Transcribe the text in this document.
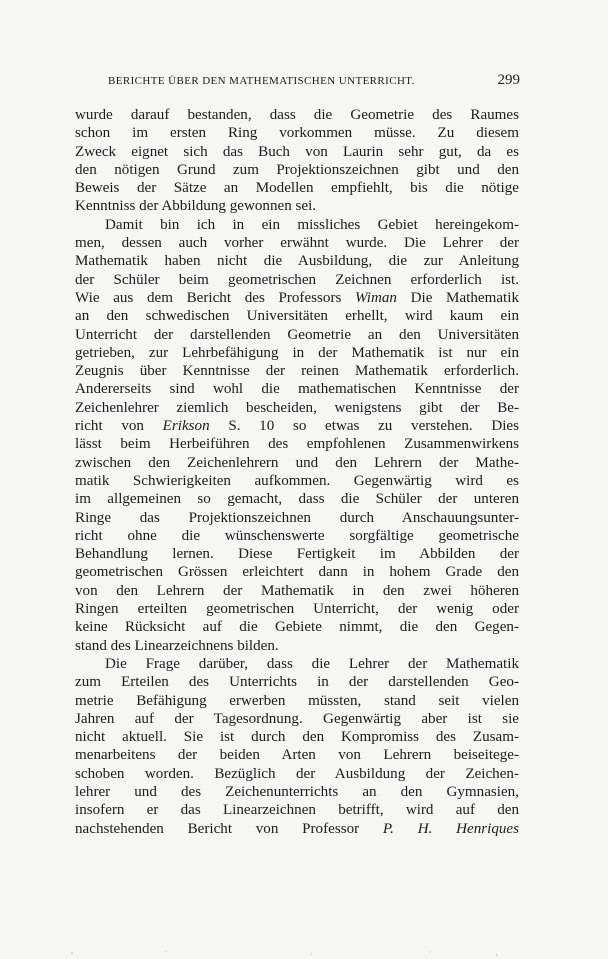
BERICHTE ÜBER DEN MATHEMATISCHEN UNTERRICHT.	299
wurde darauf bestanden, dass die Geometrie des Raumes
schon im ersten Ring vorkommen müsse. Zu diesem
Zweck eignet sich das Buch von Laurin sehr gut, da es
den nötigen Grund zum Projektionszeichnen gibt und den
Beweis der Sätze an Modellen empfiehlt, bis die nötige
Kenntniss der Abbildung gewonnen sei.
Damit bin ich in ein missliches Gebiet hereingekom-
men, dessen auch vorher erwähnt wurde. Die Lehrer der
Mathematik haben nicht die Ausbildung, die zur Anleitung
der Schüler beim geometrischen Zeichnen erforderlich ist.
Wie aus dem Bericht des Professors Wiman Die Mathematik
an den schwedischen Universitäten erhellt, wird kaum ein
Unterricht der darstellenden Geometrie an den Universitäten
getrieben, zur Lehrbefähigung in der Mathematik ist nur ein
Zeugnis über Kenntnisse der reinen Mathematik erforderlich.
Andererseits sind wohl die mathematischen Kenntnisse der
Zeichenlehrer ziemlich bescheiden, wenigstens gibt der Be-
richt von Erikson S. 10 so etwas zu verstehen. Dies
lässt beim Herbeiführen des empfohlenen Zusammenwirkens
zwischen den Zeichenlehrern und den Lehrern der Mathe-
matik Schwierigkeiten aufkommen. Gegenwärtig wird es
im allgemeinen so gemacht, dass die Schüler der unteren
Ringe das Projektionszeichnen durch Anschauungsunter-
richt ohne die wünschenswerte sorgfältige geometrische
Behandlung lernen. Diese Fertigkeit im Abbilden der
geometrischen Grössen erleichtert dann in hohem Grade den
von den Lehrern der Mathematik in den zwei höheren
Ringen erteilten geometrischen Unterricht, der wenig oder
keine Rücksicht auf die Gebiete nimmt, die den Gegen-
stand des Linearzeichnens bilden.
Die Frage darüber, dass die Lehrer der Mathematik
zum Erteilen des Unterrichts in der darstellenden Geo-
metrie Befähigung erwerben müssten, stand seit vielen
Jahren auf der Tagesordnung. Gegenwärtig aber ist sie
nicht aktuell. Sie ist durch den Kompromiss des Zusam-
menarbeitens der beiden Arten von Lehrern beiseitege-
schoben worden. Bezüglich der Ausbildung der Zeichen-
lehrer und des Zeichenunterrichts an den Gymnasien,
insofern er das Linearzeichnen betrifft, wird auf den
nachstehenden Bericht von Professor P. H. Henriques
